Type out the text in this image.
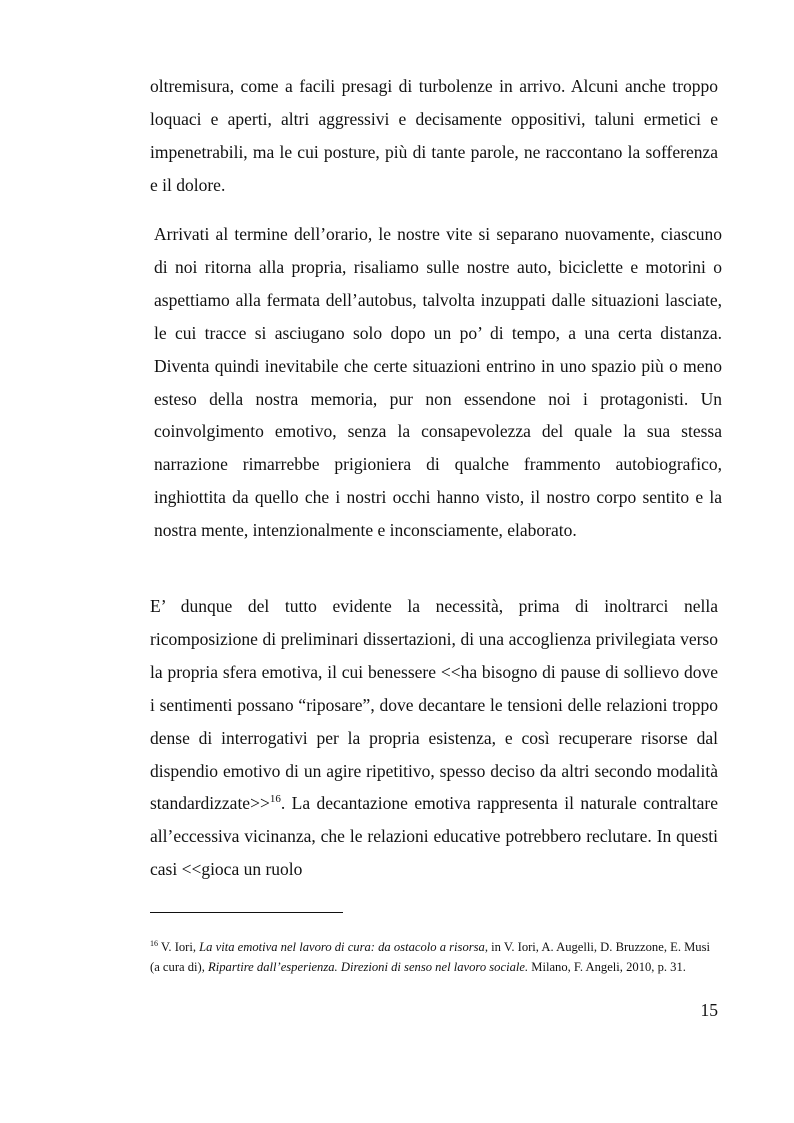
oltremisura, come a facili presagi di turbolenze in arrivo. Alcuni anche troppo loquaci e aperti, altri aggressivi e decisamente oppositivi, taluni ermetici e impenetrabili, ma le cui posture, più di tante parole, ne raccontano la sofferenza e il dolore.

Arrivati al termine dell’orario, le nostre vite si separano nuovamente, ciascuno di noi ritorna alla propria, risaliamo sulle nostre auto, biciclette e motorini o aspettiamo alla fermata dell’autobus, talvolta inzuppati dalle situazioni lasciate, le cui tracce si asciugano solo dopo un po’ di tempo, a una certa distanza. Diventa quindi inevitabile che certe situazioni entrino in uno spazio più o meno esteso della nostra memoria, pur non essendone noi i protagonisti. Un coinvolgimento emotivo, senza la consapevolezza del quale la sua stessa narrazione rimarrebbe prigioniera di qualche frammento autobiografico, inghiottita da quello che i nostri occhi hanno visto, il nostro corpo sentito e la nostra mente, intenzionalmente e inconsciamente, elaborato.

E’ dunque del tutto evidente la necessità, prima di inoltrarci nella ricomposizione di preliminari dissertazioni, di una accoglienza privilegiata verso la propria sfera emotiva, il cui benessere <<ha bisogno di pause di sollievo dove i sentimenti possano “riposare”, dove decantare le tensioni delle relazioni troppo dense di interrogativi per la propria esistenza, e così recuperare risorse dal dispendio emotivo di un agire ripetitivo, spesso deciso da altri secondo modalità standardizzate>>$^{16}$. La decantazione emotiva rappresenta il naturale contraltare all’eccessiva vicinanza, che le relazioni educative potrebbero reclutare. In questi casi <<gioca un ruolo

$^{16}$ V. Iori, La vita emotiva nel lavoro di cura: da ostacolo a risorsa, in V. Iori, A. Augelli, D. Bruzzone, E. Musi (a cura di), Ripartire dall’esperienza. Direzioni di senso nel lavoro sociale. Milano, F. Angeli, 2010, p. 31.

15
